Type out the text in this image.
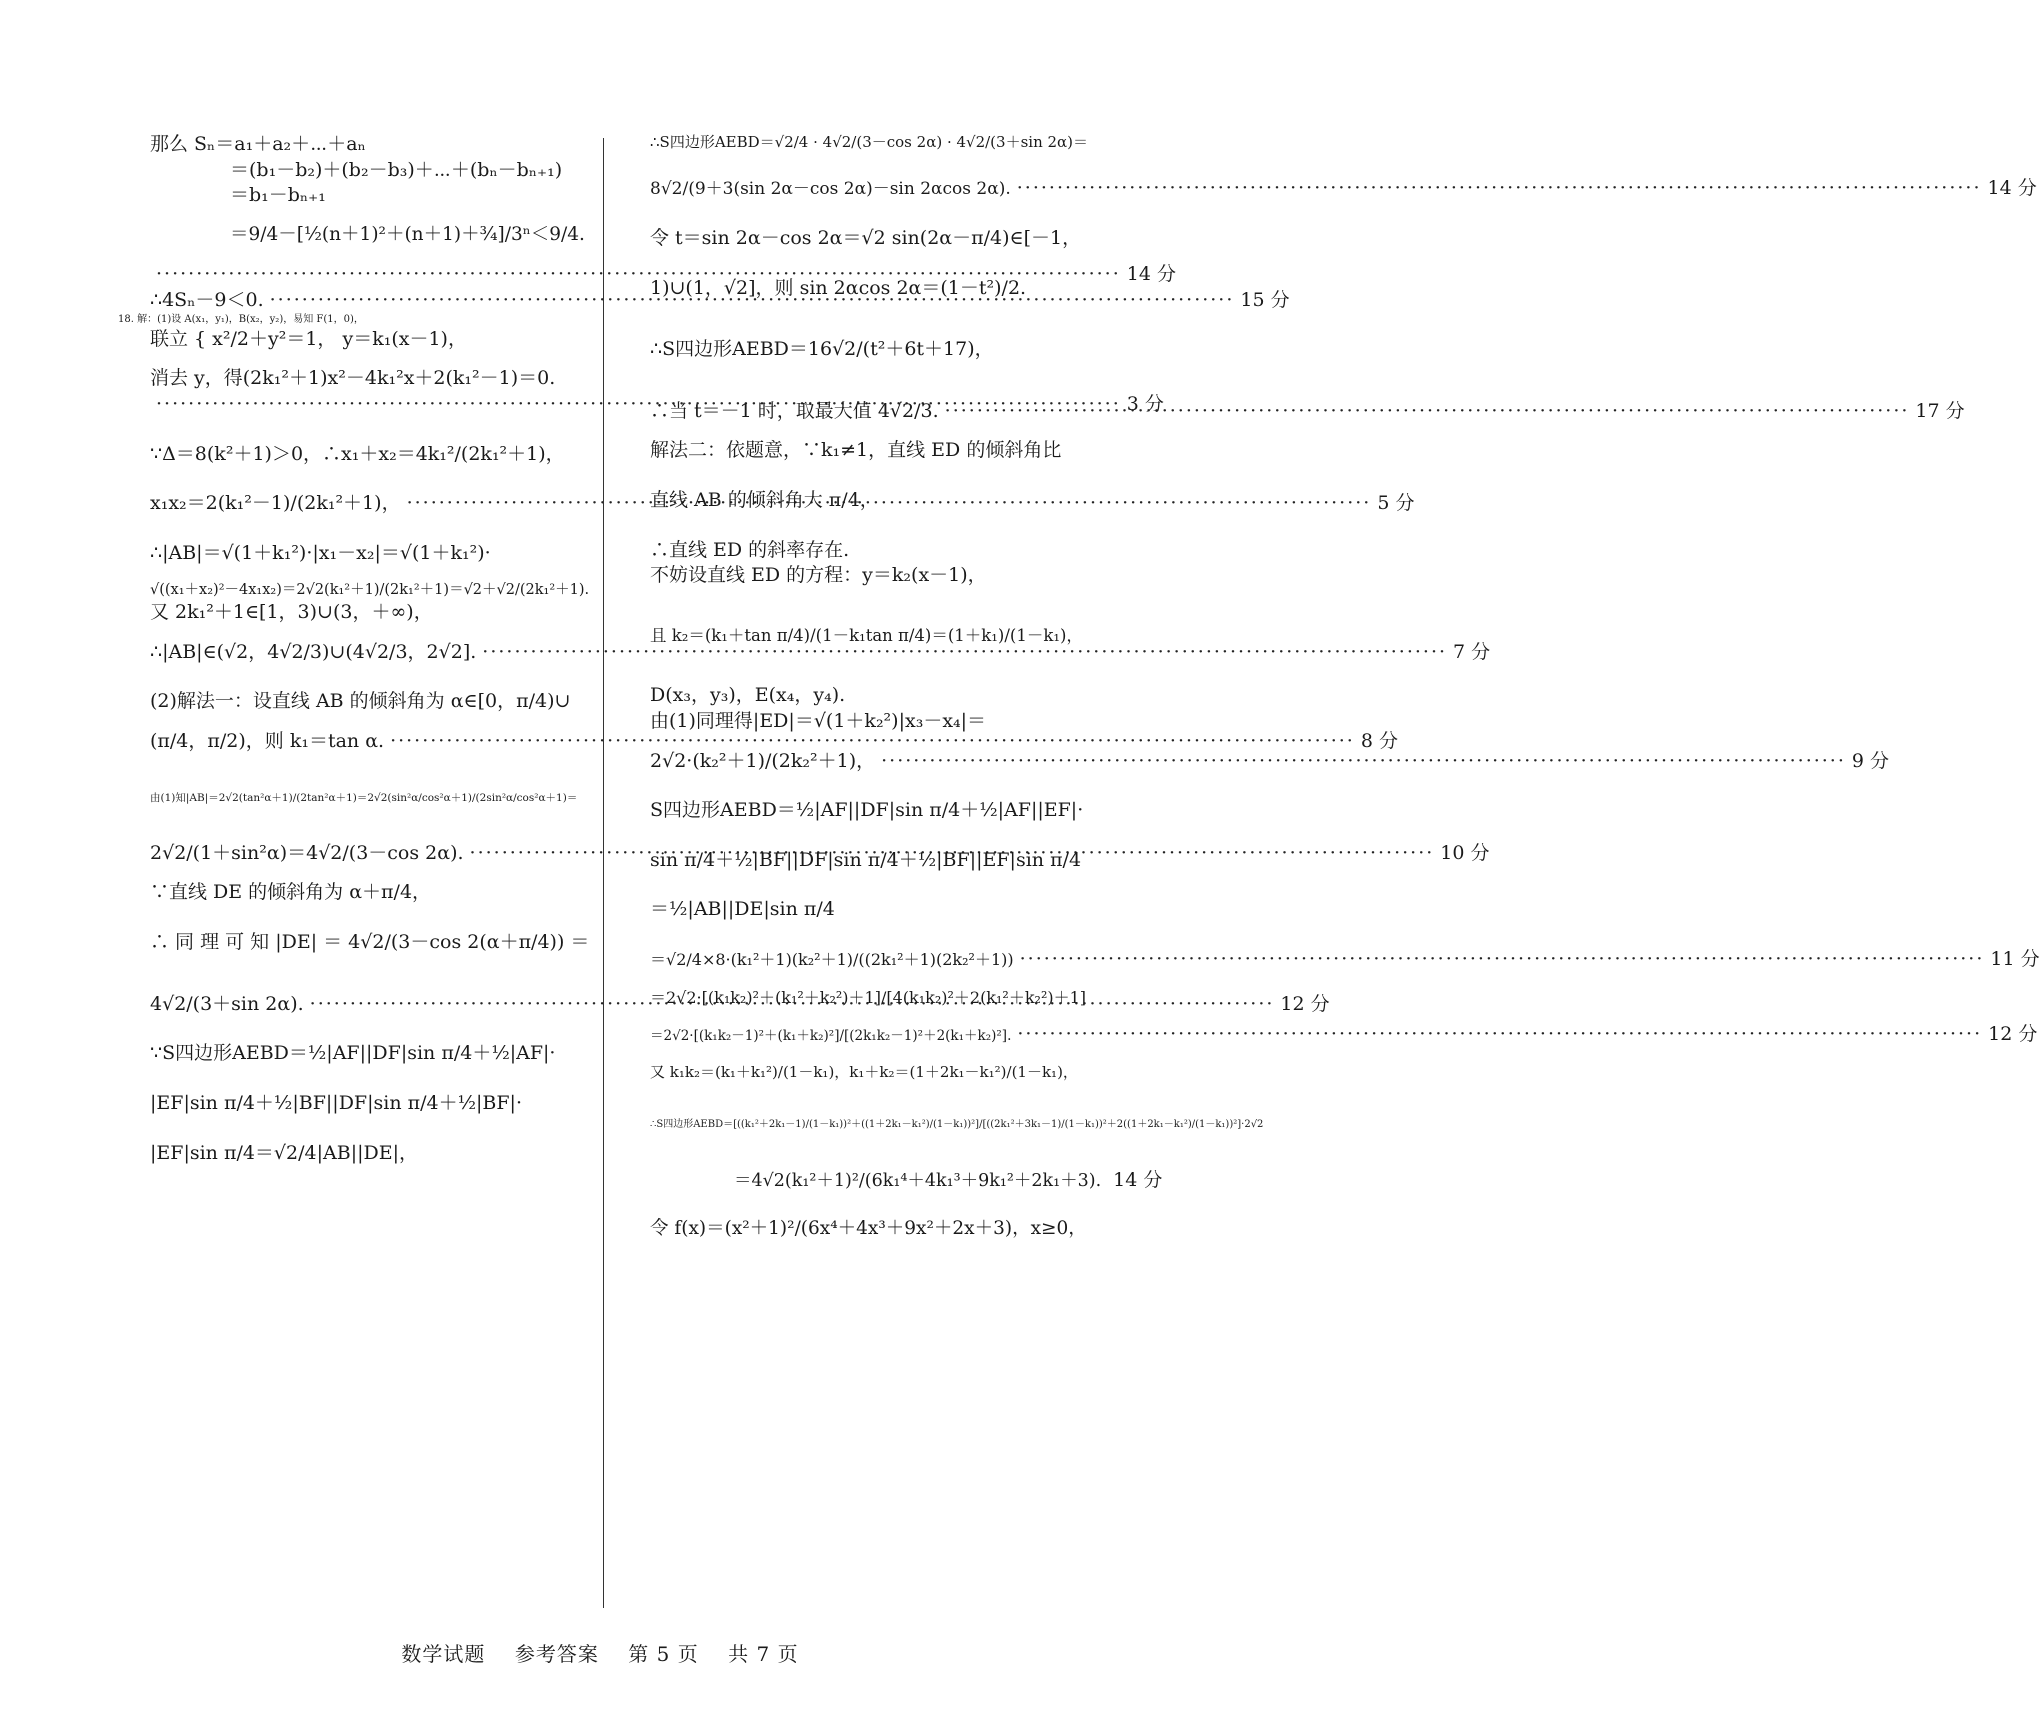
那么 Sₙ＝a₁＋a₂＋⋯＋aₙ
＝(b₁－b₂)＋(b₂－b₃)＋⋯＋(bₙ－bₙ₊₁)
＝b₁－bₙ₊₁
＝9/4－[½(n＋1)²＋(n＋1)＋¾]/3ⁿ＜9/4.
·····
14 分
∴4Sₙ－9＜0. ·····	15 分
18. 解：(1)设 A(x₁，y₁)，B(x₂，y₂)，易知 F(1，0)，
联立 { x²/2＋y²＝1， y＝k₁(x－1)，
消去 y，得(2k₁²＋1)x²－4k₁²x＋2(k₁²－1)＝0.
·····
3 分
∵Δ＝8(k²＋1)＞0，∴x₁＋x₂＝4k₁²/(2k₁²＋1)，
x₁x₂＝2(k₁²－1)/(2k₁²＋1)， ·····	5 分
∴|AB|＝√(1＋k₁²)·|x₁－x₂|＝√(1＋k₁²)·
√((x₁＋x₂)²－4x₁x₂)＝2√2(k₁²＋1)/(2k₁²＋1)＝√2＋√2/(2k₁²＋1).
又 2k₁²＋1∈[1，3)∪(3，＋∞)，
∴|AB|∈(√2，4√2/3)∪(4√2/3，2√2]. ·····	7 分
(2)解法一：设直线 AB 的倾斜角为 α∈[0，π/4)∪
(π/4，π/2)，则 k₁＝tan α. ·····	8 分
由(1)知|AB|＝2√2(tan²α＋1)/(2tan²α＋1)＝2√2(sin²α/cos²α＋1)/(2sin²α/cos²α＋1)＝
2√2/(1＋sin²α)＝4√2/(3－cos 2α). ·····	10 分
∵直线 DE 的倾斜角为 α＋π/4，
∴ 同 理 可 知 |DE| ＝ 4√2/(3－cos 2(α＋π/4)) ＝
4√2/(3＋sin 2α). ·····	12 分
∵S四边形AEBD＝½|AF||DF|sin π/4＋½|AF|·
|EF|sin π/4＋½|BF||DF|sin π/4＋½|BF|·
|EF|sin π/4＝√2/4|AB||DE|，
∴S四边形AEBD＝√2/4 · 4√2/(3－cos 2α) · 4√2/(3＋sin 2α)＝
8√2/(9＋3(sin 2α－cos 2α)－sin 2αcos 2α). ·····	14 分
令 t＝sin 2α－cos 2α＝√2 sin(2α－π/4)∈[－1，
1)∪(1，√2]，则 sin 2αcos 2α＝(1－t²)/2.
∴S四边形AEBD＝16√2/(t²＋6t＋17)，
∴当 t＝－1 时，取最大值 4√2/3. ·····	17 分
解法二：依题意，∵k₁≠1，直线 ED 的倾斜角比
直线 AB 的倾斜角大 π/4，
∴直线 ED 的斜率存在.
不妨设直线 ED 的方程：y＝k₂(x－1)，
且 k₂＝(k₁＋tan π/4)/(1－k₁tan π/4)＝(1＋k₁)/(1－k₁)，
D(x₃，y₃)，E(x₄，y₄).
由(1)同理得|ED|＝√(1＋k₂²)|x₃－x₄|＝
2√2·(k₂²＋1)/(2k₂²＋1)， ·····	9 分
S四边形AEBD＝½|AF||DF|sin π/4＋½|AF||EF|·
sin π/4＋½|BF||DF|sin π/4＋½|BF||EF|sin π/4
＝½|AB||DE|sin π/4
＝√2/4×8·(k₁²＋1)(k₂²＋1)/((2k₁²＋1)(2k₂²＋1)) ·····	11 分
＝2√2·[(k₁k₂)²＋(k₁²＋k₂²)＋1]/[4(k₁k₂)²＋2(k₁²＋k₂²)＋1]
＝2√2·[(k₁k₂－1)²＋(k₁＋k₂)²]/[(2k₁k₂－1)²＋2(k₁＋k₂)²]. ·····	12 分
又 k₁k₂＝(k₁＋k₁²)/(1－k₁)，k₁＋k₂＝(1＋2k₁－k₁²)/(1－k₁)，
∴S四边形AEBD＝[((k₁²＋2k₁－1)/(1－k₁))²＋((1＋2k₁－k₁²)/(1－k₁))²]/[((2k₁²＋3k₁－1)/(1－k₁))²＋2((1＋2k₁－k₁²)/(1－k₁))²]·2√2
＝4√2(k₁²＋1)²/(6k₁⁴＋4k₁³＋9k₁²＋2k₁＋3). 14 分
令 f(x)＝(x²＋1)²/(6x⁴＋4x³＋9x²＋2x＋3)，x≥0，
数学试题 参考答案 第 5 页 共 7 页
